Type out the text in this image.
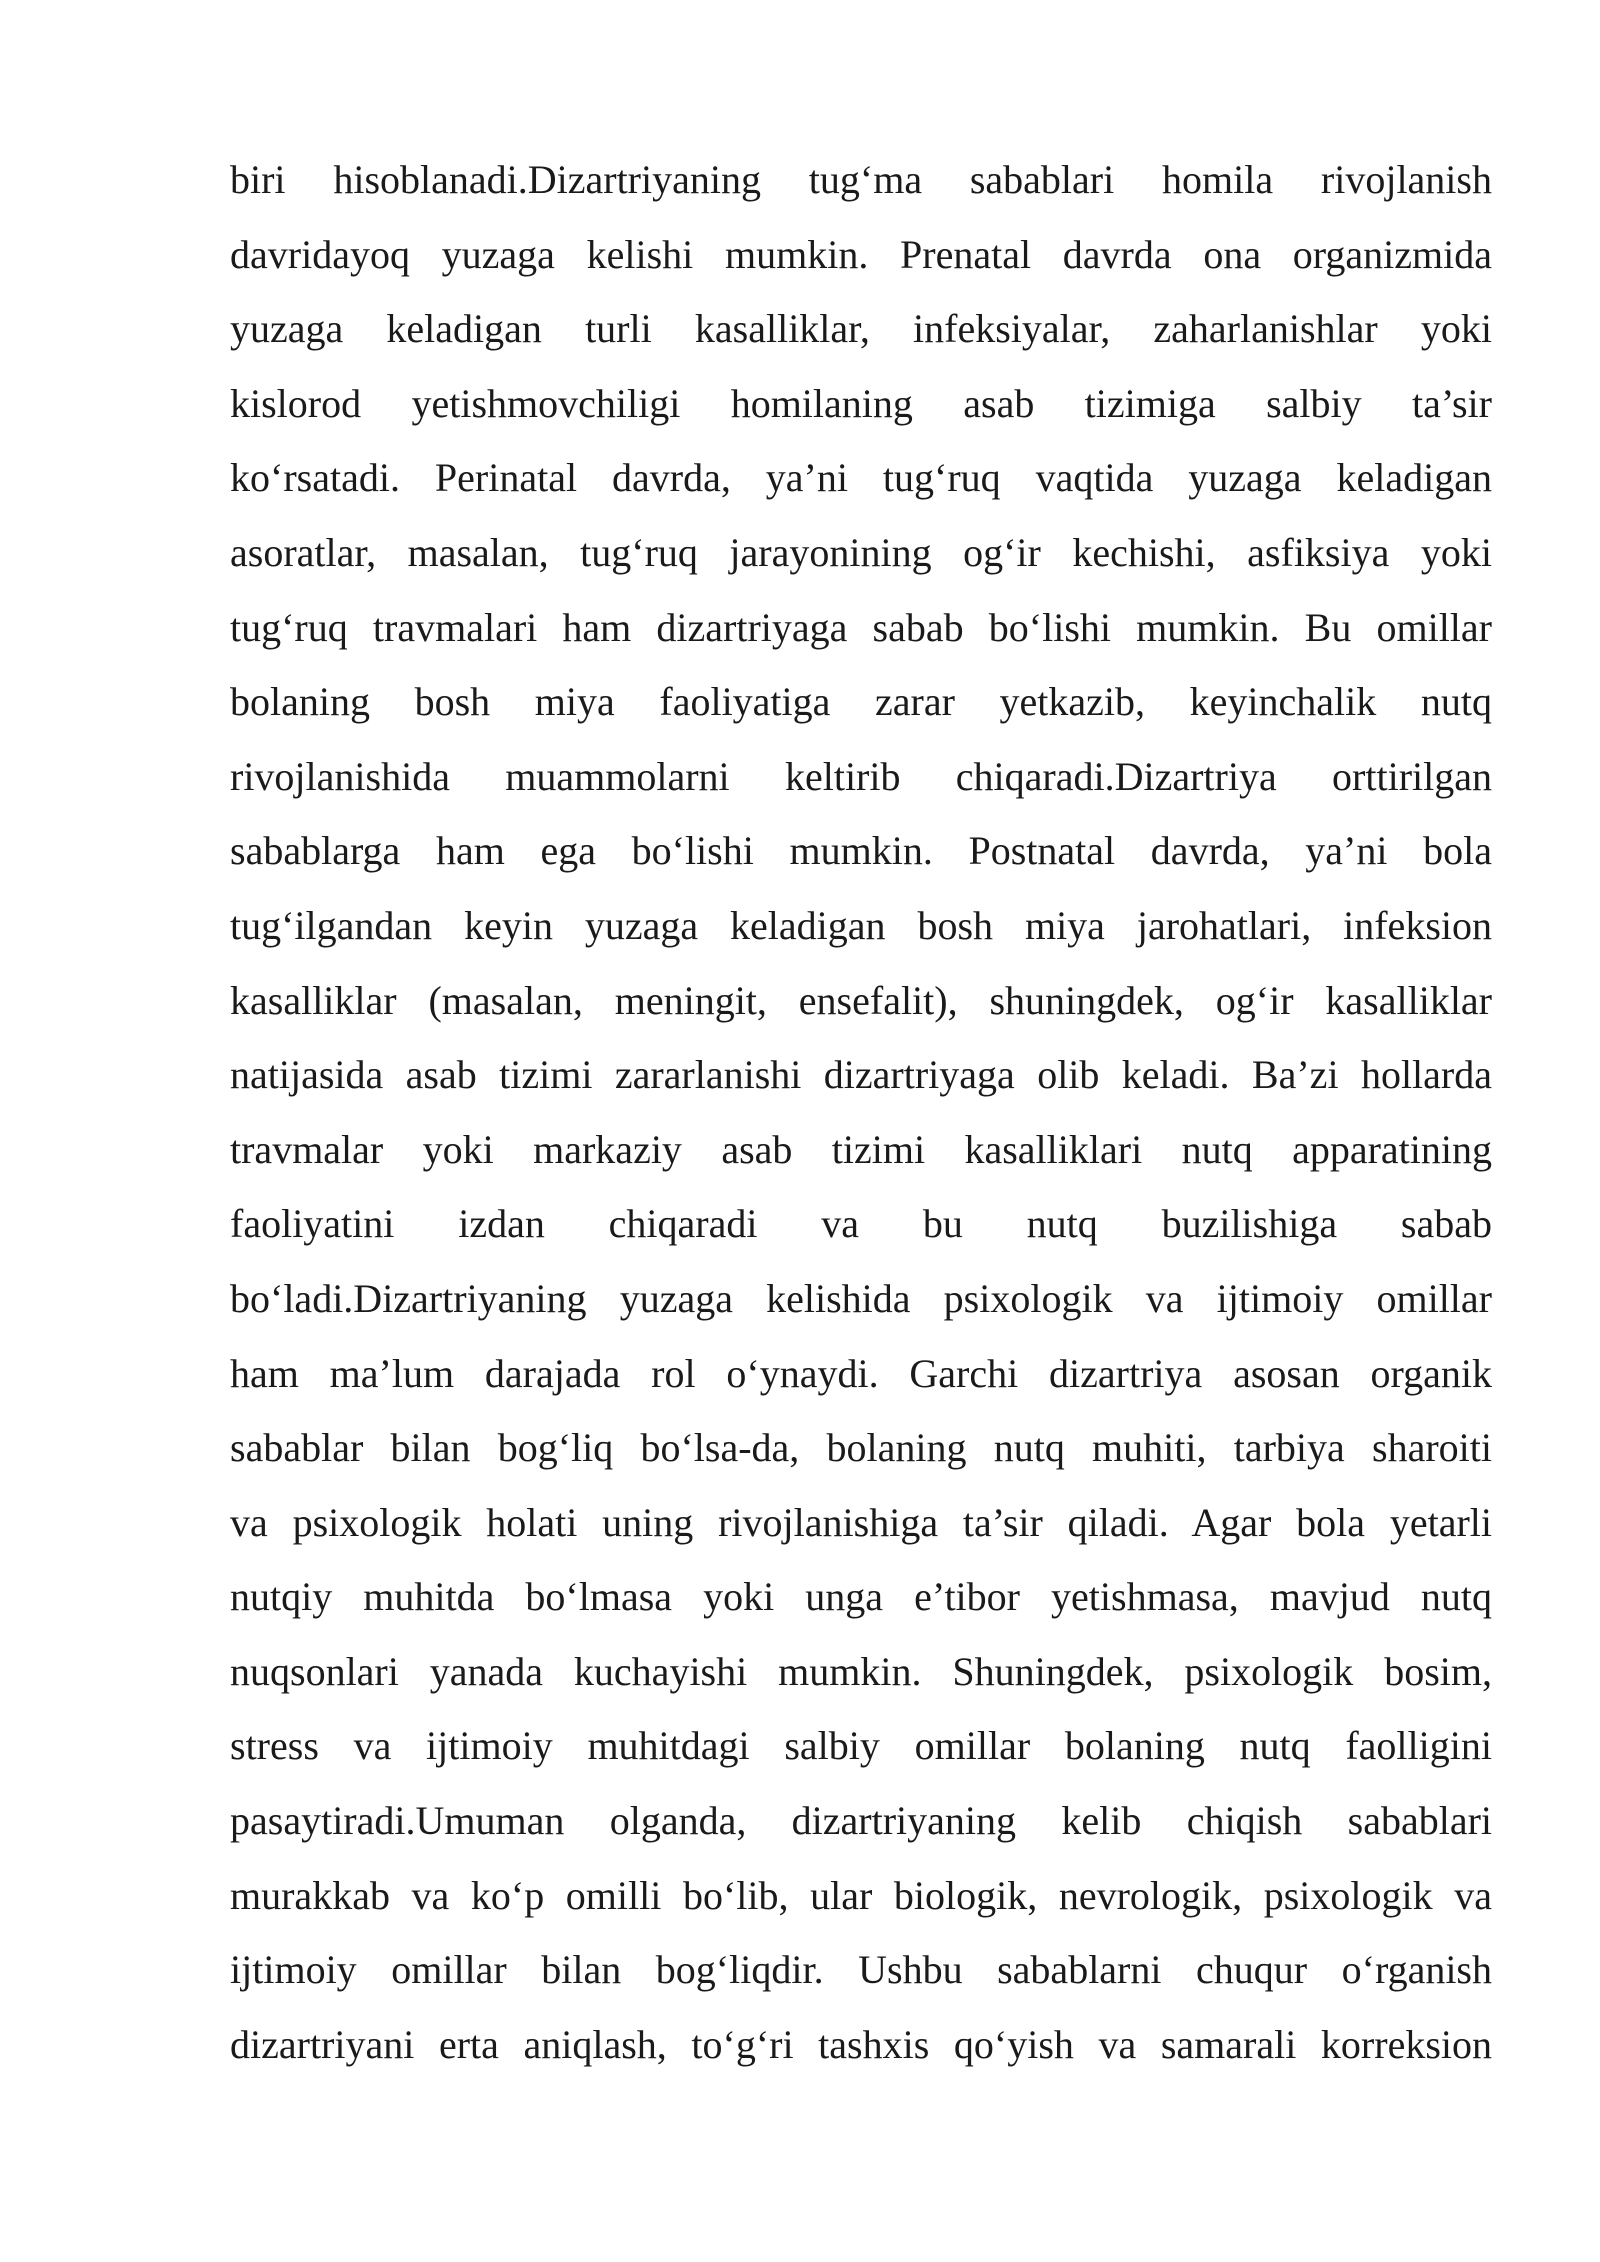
biri hisoblanadi.Dizartriyaning tug‘ma sabablari homila rivojlanish
davridayoq yuzaga kelishi mumkin. Prenatal davrda ona organizmida
yuzaga keladigan turli kasalliklar, infeksiyalar, zaharlanishlar yoki
kislorod yetishmovchiligi homilaning asab tizimiga salbiy ta’sir
ko‘rsatadi. Perinatal davrda, ya’ni tug‘ruq vaqtida yuzaga keladigan
asoratlar, masalan, tug‘ruq jarayonining og‘ir kechishi, asfiksiya yoki
tug‘ruq travmalari ham dizartriyaga sabab bo‘lishi mumkin. Bu omillar
bolaning bosh miya faoliyatiga zarar yetkazib, keyinchalik nutq
rivojlanishida muammolarni keltirib chiqaradi.Dizartriya orttirilgan
sabablarga ham ega bo‘lishi mumkin. Postnatal davrda, ya’ni bola
tug‘ilgandan keyin yuzaga keladigan bosh miya jarohatlari, infeksion
kasalliklar (masalan, meningit, ensefalit), shuningdek, og‘ir kasalliklar
natijasida asab tizimi zararlanishi dizartriyaga olib keladi. Ba’zi hollarda
travmalar yoki markaziy asab tizimi kasalliklari nutq apparatining
faoliyatini izdan chiqaradi va bu nutq buzilishiga sabab
bo‘ladi.Dizartriyaning yuzaga kelishida psixologik va ijtimoiy omillar
ham ma’lum darajada rol o‘ynaydi. Garchi dizartriya asosan organik
sabablar bilan bog‘liq bo‘lsa-da, bolaning nutq muhiti, tarbiya sharoiti
va psixologik holati uning rivojlanishiga ta’sir qiladi. Agar bola yetarli
nutqiy muhitda bo‘lmasa yoki unga e’tibor yetishmasa, mavjud nutq
nuqsonlari yanada kuchayishi mumkin. Shuningdek, psixologik bosim,
stress va ijtimoiy muhitdagi salbiy omillar bolaning nutq faolligini
pasaytiradi.Umuman olganda, dizartriyaning kelib chiqish sabablari
murakkab va ko‘p omilli bo‘lib, ular biologik, nevrologik, psixologik va
ijtimoiy omillar bilan bog‘liqdir. Ushbu sabablarni chuqur o‘rganish
dizartriyani erta aniqlash, to‘g‘ri tashxis qo‘yish va samarali korreksion
